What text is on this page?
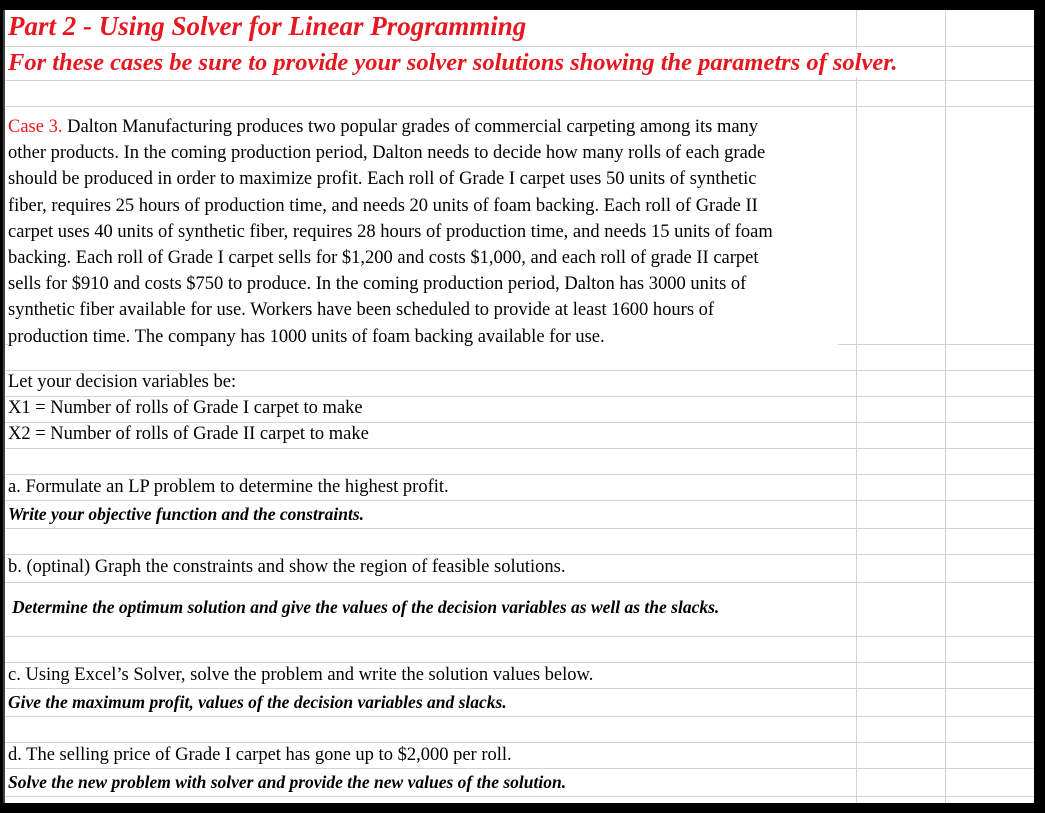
Part 2 - Using Solver for Linear Programming
For these cases be sure to provide your solver solutions showing the parametrs of solver.
Case 3. Dalton Manufacturing produces two popular grades of commercial carpeting among its many
other products. In the coming production period, Dalton needs to decide how many rolls of each grade
should be produced in order to maximize profit. Each roll of Grade I carpet uses 50 units of synthetic
fiber, requires 25 hours of production time, and needs 20 units of foam backing. Each roll of Grade II
carpet uses 40 units of synthetic fiber, requires 28 hours of production time, and needs 15 units of foam
backing. Each roll of Grade I carpet sells for $1,200 and costs $1,000, and each roll of grade II carpet
sells for $910 and costs $750 to produce. In the coming production period, Dalton has 3000 units of
synthetic fiber available for use. Workers have been scheduled to provide at least 1600 hours of
production time. The company has 1000 units of foam backing available for use.
Let your decision variables be:
X1 = Number of rolls of Grade I carpet to make
X2 = Number of rolls of Grade II carpet to make
a. Formulate an LP problem to determine the highest profit.
Write your objective function and the constraints.
b. (optinal) Graph the constraints and show the region of feasible solutions.
Determine the optimum solution and give the values of the decision variables as well as the slacks.
c. Using Excel’s Solver, solve the problem and write the solution values below.
Give the maximum profit, values of the decision variables and slacks.
d. The selling price of Grade I carpet has gone up to $2,000 per roll.
Solve the new problem with solver and provide the new values of the solution.
